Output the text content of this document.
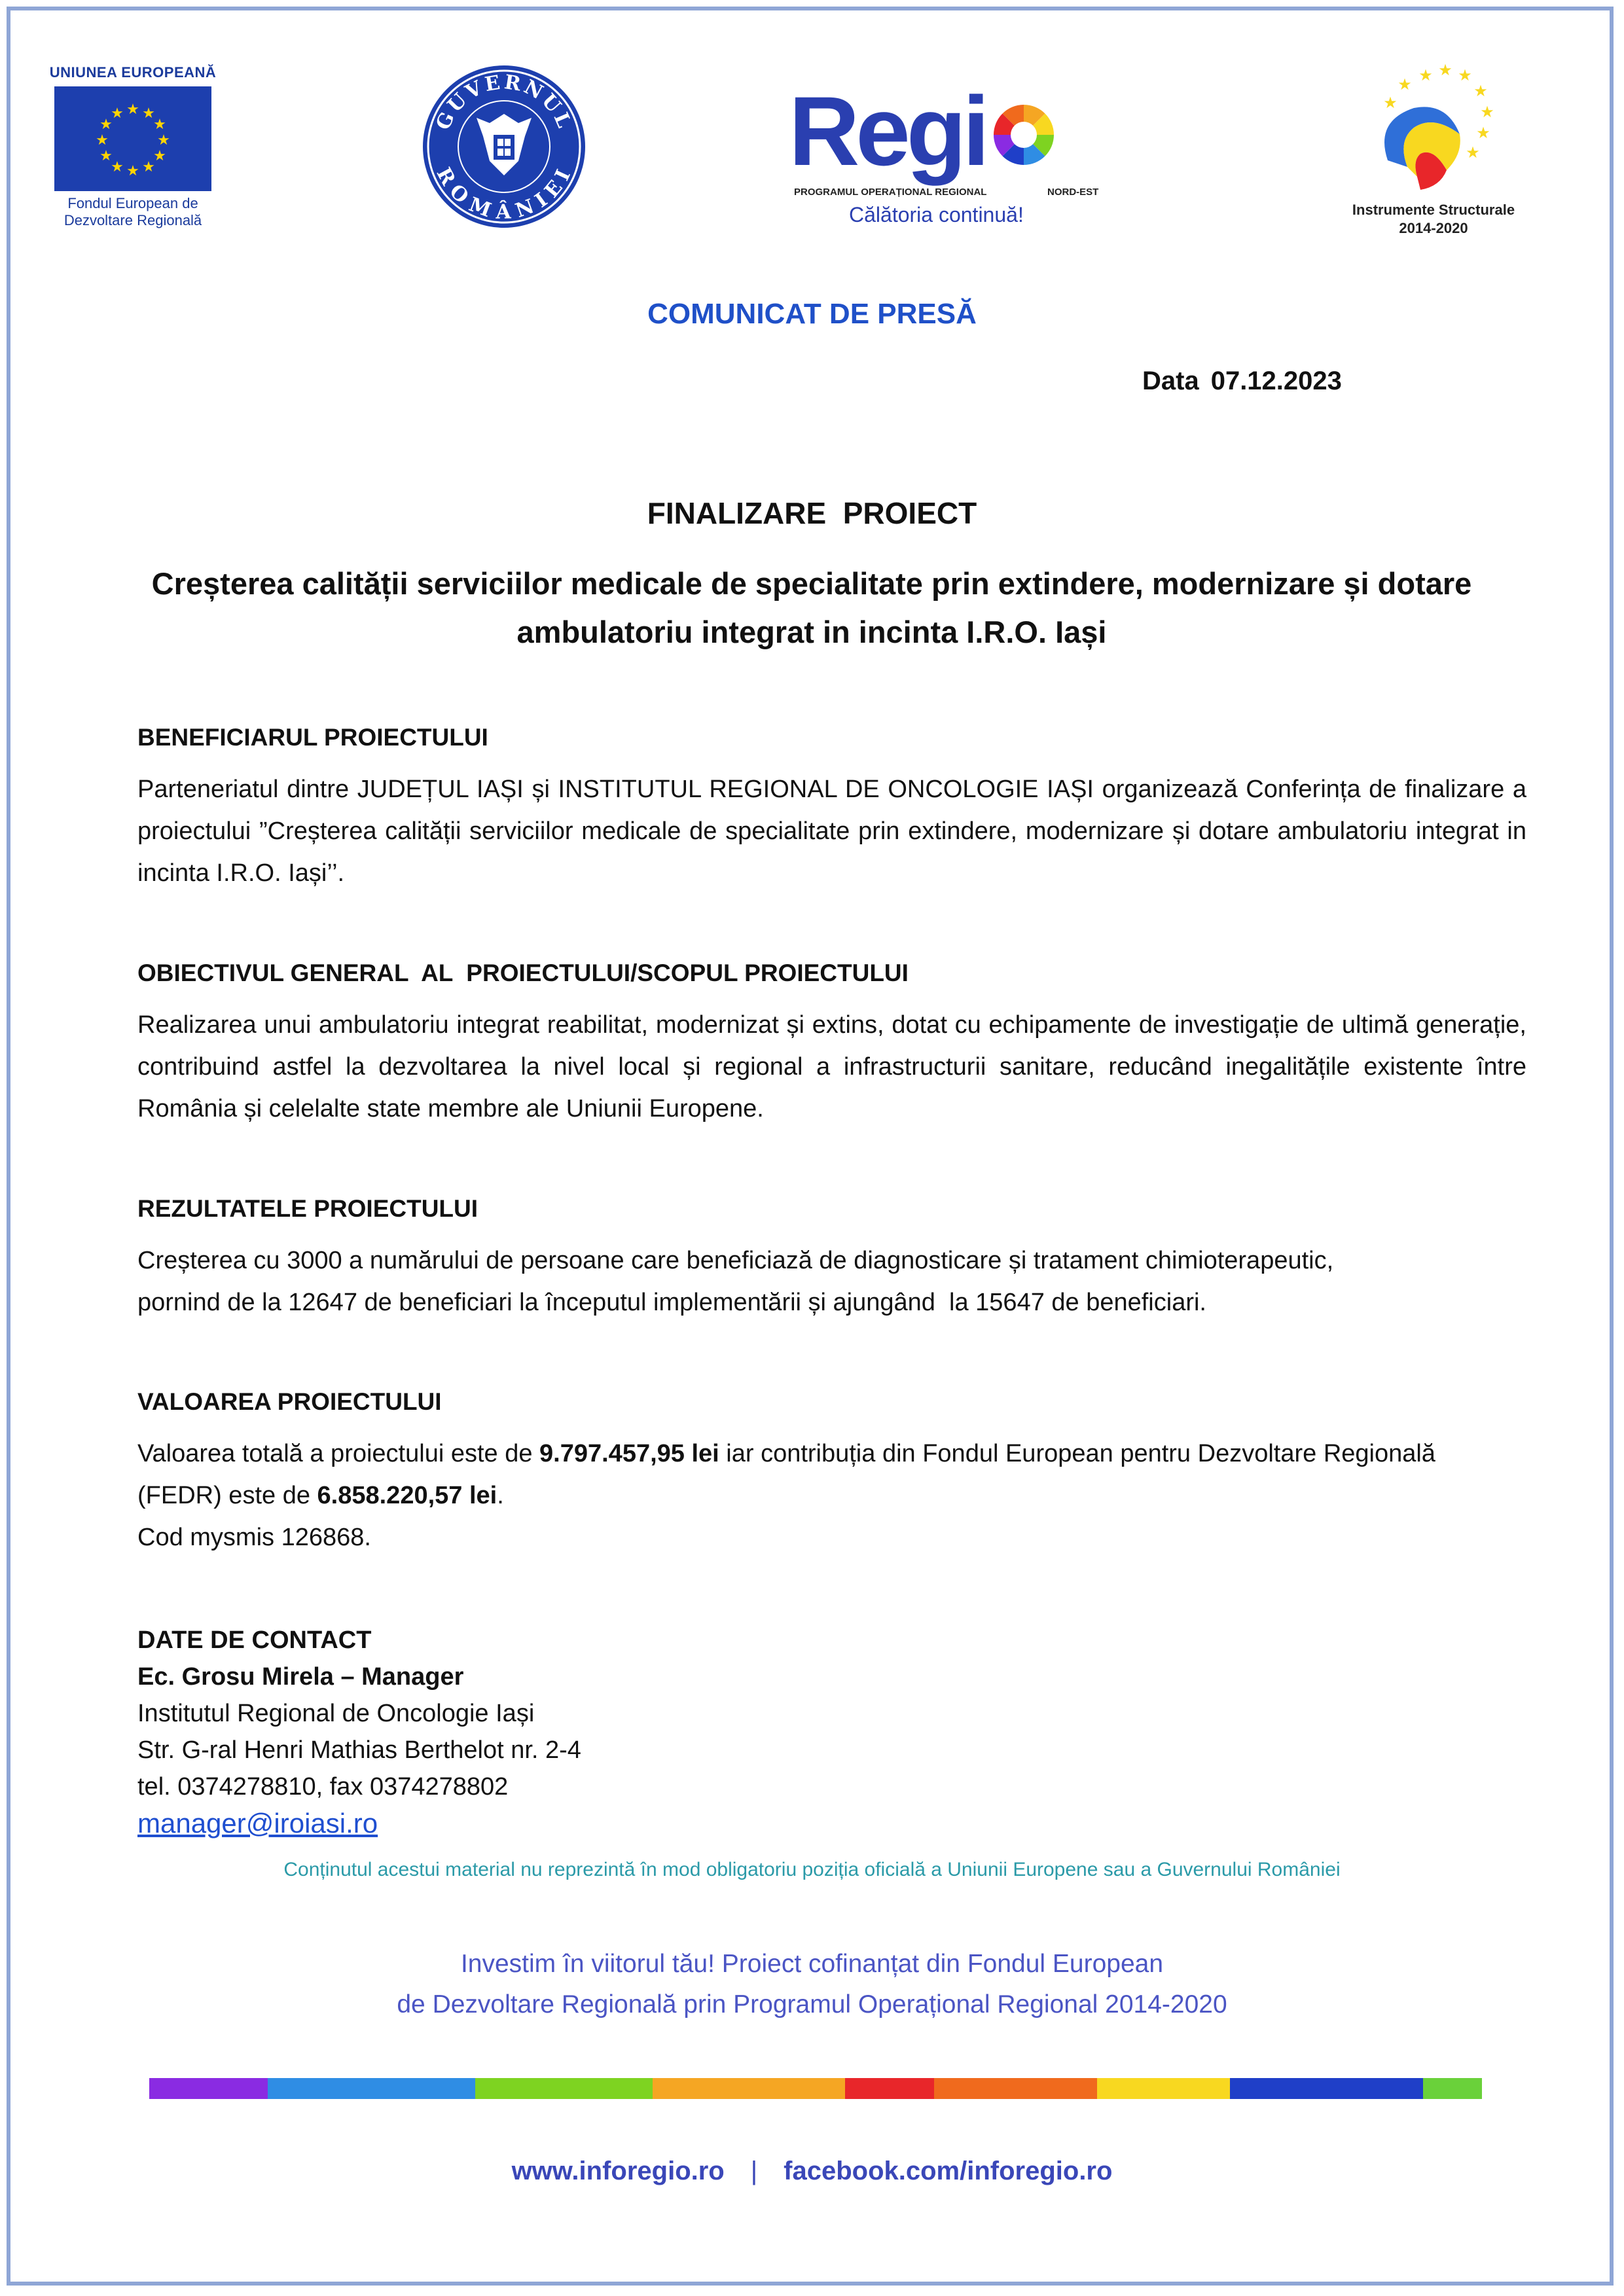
UNIUNEA EUROPEANĂ
★ ★
★
★
★
★
★
★
★
★
★
★
Fondul European de
Dezvoltare Regională
GUVERNUL
ROMÂNIEI Regi
PROGRAMUL OPERAȚIONAL REGIONAL	NORD-EST
Călătoria continuă!
★ ★ ★
★
★
★
★
★
★
Instrumente Structurale
2014-2020
COMUNICAT DE PRESĂ
Data 07.12.2023
FINALIZARE  PROIECT
Creșterea calității serviciilor medicale de specialitate prin extindere, modernizare și dotare ambulatoriu integrat in incinta I.R.O. Iași
BENEFICIARUL PROIECTULUI
Parteneriatul dintre JUDEȚUL IAȘI și INSTITUTUL REGIONAL DE ONCOLOGIE IAȘI organizează Conferința de finalizare a proiectului ”Creșterea calității serviciilor medicale de specialitate prin extindere, modernizare și dotare ambulatoriu integrat in incinta I.R.O. Iași’’.
OBIECTIVUL GENERAL  AL  PROIECTULUI/SCOPUL PROIECTULUI
Realizarea unui ambulatoriu integrat reabilitat, modernizat și extins, dotat cu echipamente de investigație de ultimă generație, contribuind astfel la dezvoltarea la nivel local și regional a infrastructurii sanitare, reducând inegalitățile existente între România și celelalte state membre ale Uniunii Europene.
REZULTATELE PROIECTULUI
Creșterea cu 3000 a numărului de persoane care beneficiază de diagnosticare și tratament chimioterapeutic,
pornind de la 12647 de beneficiari la începutul implementării și ajungând  la 15647 de beneficiari.
VALOAREA PROIECTULUI
Valoarea totală a proiectului este de 9.797.457,95 lei iar contribuția din Fondul European pentru Dezvoltare Regională (FEDR) este de 6.858.220,57 lei.
Cod mysmis 126868.
DATE DE CONTACT
Ec. Grosu Mirela – Manager
Institutul Regional de Oncologie Iași
Str. G-ral Henri Mathias Berthelot nr. 2-4
tel. 0374278810, fax 0374278802
manager@iroiasi.ro
Conținutul acestui material nu reprezintă în mod obligatoriu poziția oficială a Uniunii Europene sau a Guvernului României
Investim în viitorul tău! Proiect cofinanțat din Fondul European
de Dezvoltare Regională prin Programul Operațional Regional 2014-2020
www.inforegio.ro | facebook.com/inforegio.ro
